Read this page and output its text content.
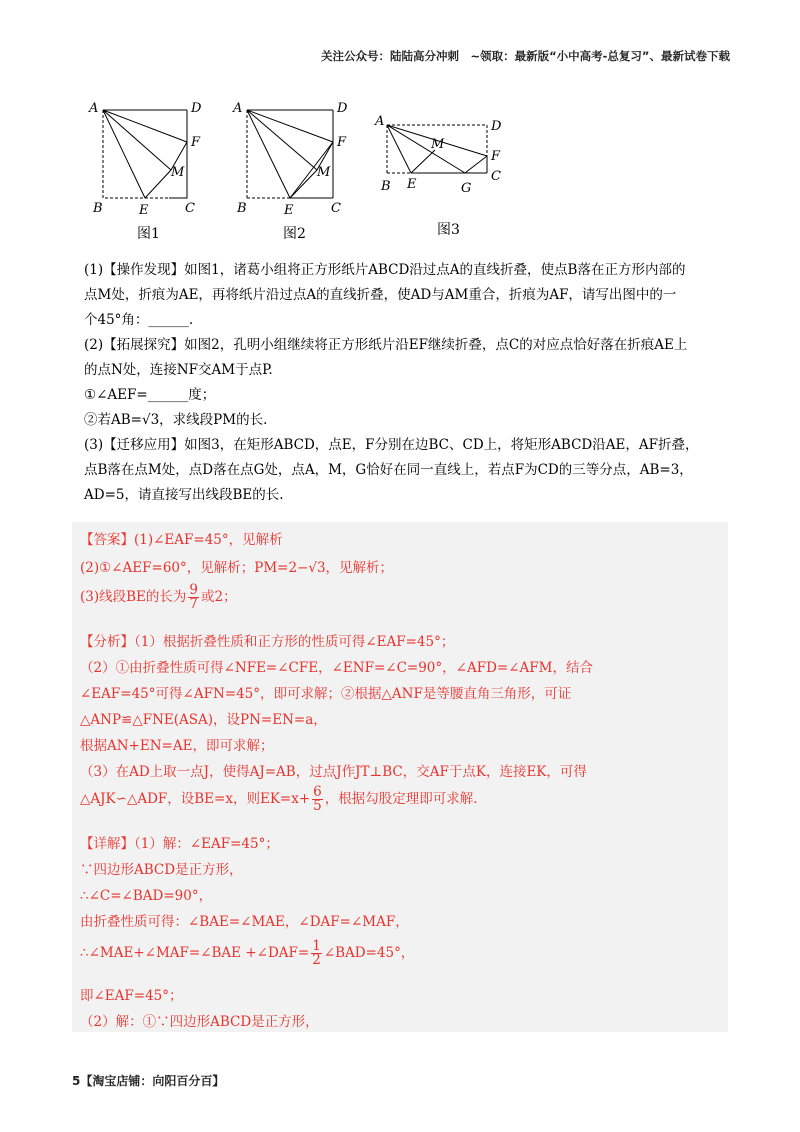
关注公众号：陆陆高分冲刺　~领取：最新版“小中高考-总复习”、最新试卷下载
A	D
F
M
B	E	C
图1
A	D
F
M
B	E	C
图2
A	D
F
C
M
B E	G
图3
(1)【操作发现】如图1，诸葛小组将正方形纸片ABCD沿过点A的直线折叠，使点B落在正方形内部的
点M处，折痕为AE，再将纸片沿过点A的直线折叠，使AD与AM重合，折痕为AF，请写出图中的一
个45°角：______.
(2)【拓展探究】如图2，孔明小组继续将正方形纸片沿EF继续折叠，点C的对应点恰好落在折痕AE上
的点N处，连接NF交AM于点P.
①∠AEF=______度；
②若AB=√3，求线段PM的长.
(3)【迁移应用】如图3，在矩形ABCD，点E，F分别在边BC、CD上，将矩形ABCD沿AE，AF折叠，
点B落在点M处，点D落在点G处，点A，M，G恰好在同一直线上，若点F为CD的三等分点，AB=3，
AD=5，请直接写出线段BE的长.
【答案】(1)∠EAF=45°，见解析
(2)①∠AEF=60°，见解析；PM=2−√3，见解析；
(3)线段BE的长为 $\frac{9}{7}$ 或2；
【分析】（1）根据折叠性质和正方形的性质可得∠EAF=45°；
（2）①由折叠性质可得∠NFE=∠CFE，∠ENF=∠C=90°，∠AFD=∠AFM，结合
∠EAF=45°可得∠AFN=45°，即可求解；②根据△ANF是等腰直角三角形，可证
△ANP≌△FNE(ASA)，设PN=EN=a，
根据AN+EN=AE，即可求解；
（3）在AD上取一点J，使得AJ=AB，过点J作JT⊥BC，交AF于点K，连接EK，可得
△AJK∽△ADF，设BE=x，则$EK=x+ \frac{6}{5}$ ，根据勾股定理即可求解.
【详解】（1）解：∠EAF=45°；
∵四边形ABCD是正方形，
∴∠C=∠BAD=90°，
由折叠性质可得：∠BAE=∠MAE，∠DAF=∠MAF，
∴∠MAE+∠MAF=∠BAE +∠DAF= $\frac{1}{2}$ ∠BAD=45°，
即∠EAF=45°；
（2）解：①∵四边形ABCD是正方形，
5【淘宝店铺：向阳百分百】
